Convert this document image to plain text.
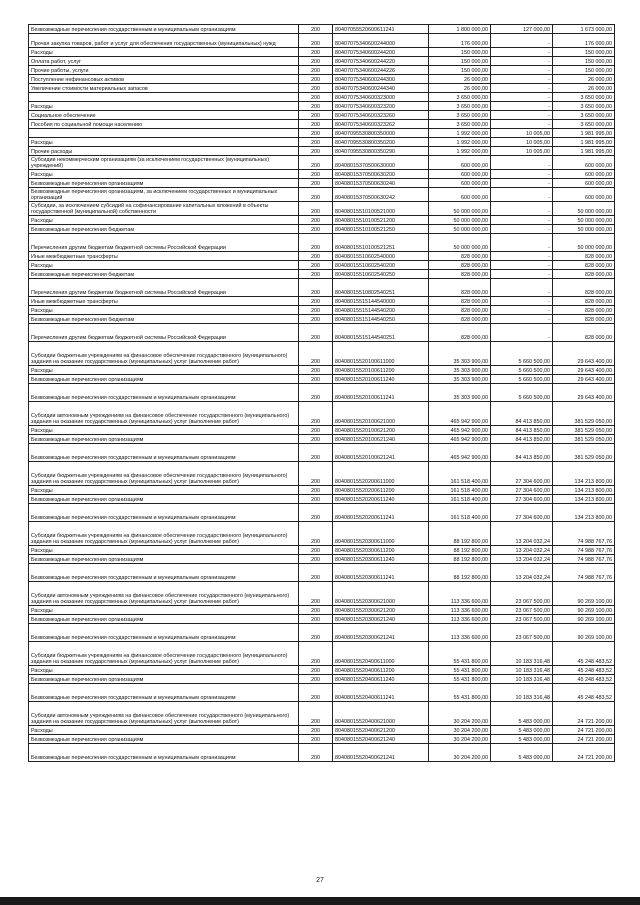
Безвозмездные перечисления государственным и муниципальным организациям	200	80407055520600611241	1 800 000,00	127 000,00	1 673 000,00
Прочая закупка товаров, работ и услуг для обеспечения государственных (муниципальных) нужд	200	80407075340600244000	176 000,00	-	176 000,00
Расходы	200	80407075340600244200	150 000,00	-	150 000,00
Оплата работ, услуг	200	80407075340600244220	150 000,00	-	150 000,00
Прочие работы, услуги	200	80407075340600244226	150 000,00	-	150 000,00
Поступление нефинансовых активов	200	80407075340600244300	26 000,00	-	26 000,00
Увеличение стоимости материальных запасов	200	80407075340600244340	26 000,00	-	26 000,00
	200	80407075340600323000	3 650 000,00	-	3 650 000,00
Расходы	200	80407075340600323200	3 650 000,00	-	3 650 000,00
Социальное обеспечение	200	80407075340600323260	3 650 000,00	-	3 650 000,00
Пособия по социальной помощи населению	200	80407075340600323262	3 650 000,00	-	3 650 000,00
	200	80407095530800350000	1 992 000,00	10 005,00	1 981 995,00
Расходы	200	80407095530800350200	1 992 000,00	10 005,00	1 981 995,00
Прочие расходы	200	80407095530800350290	1 992 000,00	10 005,00	1 981 995,00
Субсидии некоммерческим организациям (за исключением государственных (муниципальных) учреждений)	200	80408015370500630000	600 000,00	-	600 000,00
Расходы	200	80408015370500630200	600 000,00	-	600 000,00
Безвозмездные перечисления организациям	200	80408015370500630240	600 000,00	-	600 000,00
Безвозмездные перечисления организациям, за исключением государственных и муниципальных организаций	200	80408015370500630242	600 000,00	-	600 000,00
Субсидии, за исключением субсидий на софинансирование капитальных вложений в объекты государственной (муниципальной) собственности	200	80408015510100521000	50 000 000,00	-	50 000 000,00
Расходы	200	80408015510100521200	50 000 000,00	-	50 000 000,00
Безвозмездные перечисления бюджетам	200	80408015510100521250	50 000 000,00	-	50 000 000,00
Перечисления другим бюджетам бюджетной системы Российской Федерации	200	80408015510100521251	50 000 000,00	-	50 000 000,00
Иные межбюджетные трансферты	200	80408015510602540000	828 000,00	-	828 000,00
Расходы	200	80408015510602540200	828 000,00	-	828 000,00
Безвозмездные перечисления бюджетам	200	80408015510602540250	828 000,00	-	828 000,00
Перечисления другим бюджетам бюджетной системы Российской Федерации	200	80408015510802540251	828 000,00	-	828 000,00
Иные межбюджетные трансферты	200	80408015515144540000	828 000,00	-	828 000,00
Расходы	200	80408015515144540200	828 000,00	-	828 000,00
Безвозмездные перечисления бюджетам	200	80408015515144540250	828 000,00	-	828 000,00
Перечисления другим бюджетам бюджетной системы Российской Федерации	200	80408015515144540251	828 000,00	-	828 000,00
Субсидии бюджетным учреждениям на финансовое обеспечение государственного (муниципального) задания на оказание государственных (муниципальных) услуг (выполнение работ)	200	80408015520100611000	35 303 900,00	5 660 500,00	29 643 400,00
Расходы	200	80408015520100611200	35 303 900,00	5 660 500,00	29 643 400,00
Безвозмездные перечисления организациям	200	80408015520100611240	35 303 900,00	5 660 500,00	29 643 400,00
Безвозмездные перечисления государственным и муниципальным организациям	200	80408015520100611241	35 303 900,00	5 660 500,00	29 643 400,00
Субсидии автономным учреждениям на финансовое обеспечение государственного (муниципального) задания на оказание государственных (муниципальных) услуг (выполнение работ)	200	80408015520100621000	465 942 900,00	84 413 850,00	381 529 050,00
Расходы	200	80408015520100621200	465 942 900,00	84 413 850,00	381 529 050,00
Безвозмездные перечисления организациям	200	80408015520100621240	465 942 900,00	84 413 850,00	381 529 050,00
Безвозмездные перечисления государственным и муниципальным организациям	200	80408015520100621241	465 942 900,00	84 413 850,00	381 529 050,00
Субсидии бюджетным учреждениям на финансовое обеспечение государственного (муниципального) задания на оказание государственных (муниципальных) услуг (выполнение работ)	200	80408015520200611000	161 518 400,00	27 304 600,00	134 213 800,00
Расходы	200	80408015520200611200	161 518 400,00	27 304 600,00	134 213 800,00
Безвозмездные перечисления организациям	200	80408015520200611240	161 518 400,00	27 304 600,00	134 213 800,00
Безвозмездные перечисления государственным и муниципальным организациям	200	80408015520200611241	161 518 400,00	27 304 600,00	134 213 800,00
Субсидии бюджетным учреждениям на финансовое обеспечение государственного (муниципального) задания на оказание государственных (муниципальных) услуг (выполнение работ)	200	80408015520300611000	88 192 800,00	13 204 032,24	74 988 767,76
Расходы	200	80408015520300611200	88 192 800,00	13 204 032,24	74 988 767,76
Безвозмездные перечисления организациям	200	80408015520300611240	88 192 800,00	13 204 032,24	74 988 767,76
Безвозмездные перечисления государственным и муниципальным организациям	200	80408015520300611241	88 192 800,00	13 204 032,24	74 988 767,76
Субсидии автономным учреждениям на финансовое обеспечение государственного (муниципального) задания на оказание государственных (муниципальных) услуг (выполнение работ)	200	80408015520300621000	113 336 600,00	23 067 500,00	90 269 100,00
Расходы	200	80408015520300621200	113 336 600,00	23 067 500,00	90 269 100,00
Безвозмездные перечисления организациям	200	80408015520300621240	113 336 600,00	23 067 500,00	90 269 100,00
Безвозмездные перечисления государственным и муниципальным организациям	200	80408015520300621241	113 336 600,00	23 067 500,00	90 269 100,00
Субсидии бюджетным учреждениям на финансовое обеспечение государственного (муниципального) задания на оказание государственных (муниципальных) услуг (выполнение работ)	200	80408015520400611000	55 431 800,00	10 183 316,48	45 248 483,52
Расходы	200	80408015520400611200	55 431 800,00	10 183 316,48	45 248 483,52
Безвозмездные перечисления организациям	200	80408015520400611240	55 431 800,00	10 183 316,48	45 248 483,52
Безвозмездные перечисления государственным и муниципальным организациям	200	80408015520400611241	55 431 800,00	10 183 316,48	45 248 483,52
Субсидии автономным учреждениям на финансовое обеспечение государственного (муниципального) задания на оказание государственных (муниципальных) услуг (выполнение работ)	200	80408015520400621000	30 204 200,00	5 483 000,00	24 721 200,00
Расходы	200	80408015520400621200	30 204 200,00	5 483 000,00	24 721 200,00
Безвозмездные перечисления организациям	200	80408015520400621240	30 204 200,00	5 483 000,00	24 721 200,00
Безвозмездные перечисления государственным и муниципальным организациям	200	80408015520400621241	30 204 200,00	5 483 000,00	24 721 200,00
27
